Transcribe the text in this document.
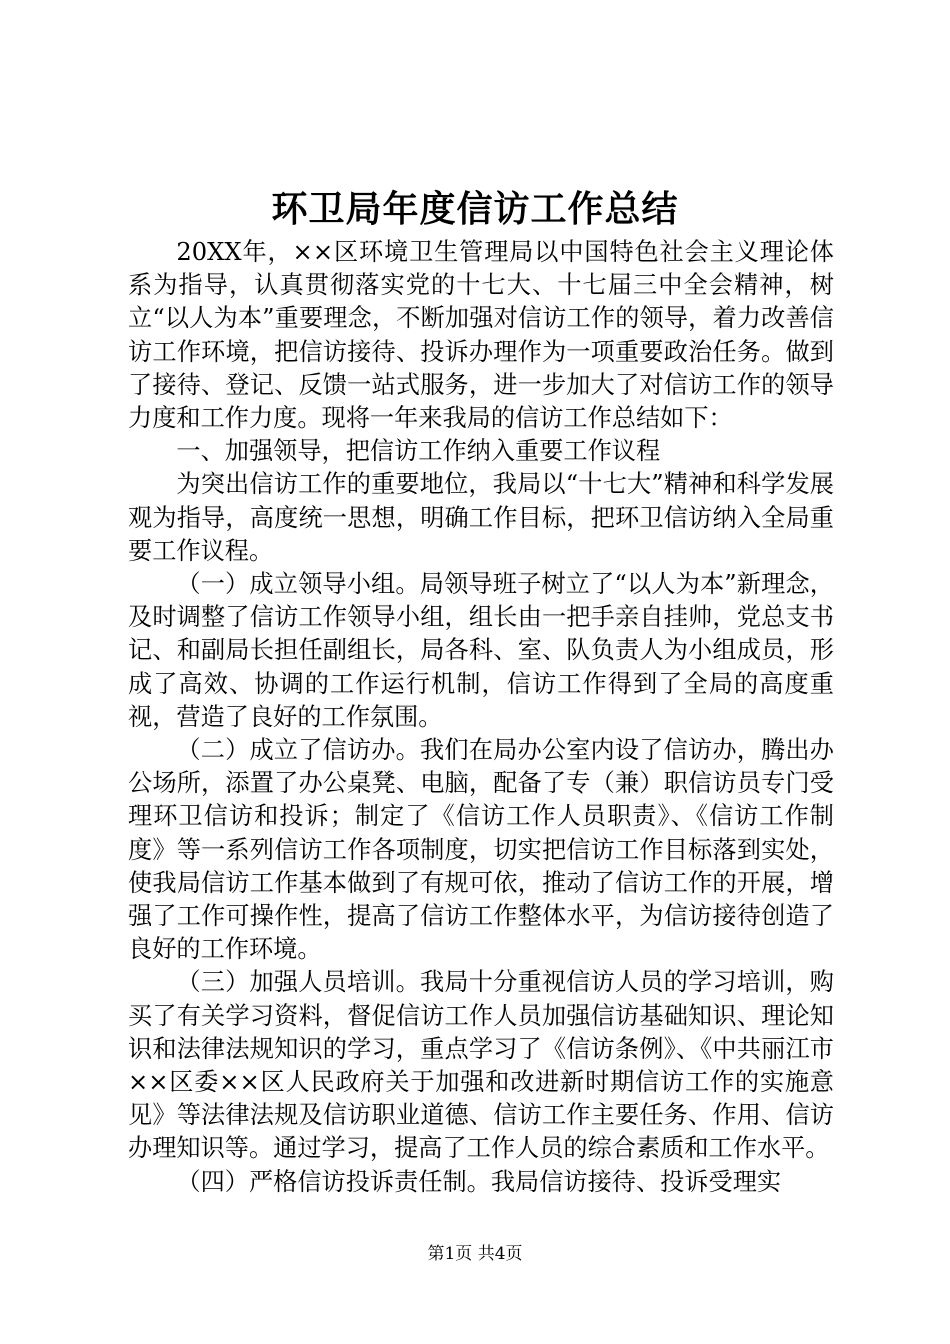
环卫局年度信访工作总结

20XX年，××区环境卫生管理局以中国特色社会主义理论体系为指导，认真贯彻落实党的十七大、十七届三中全会精神，树立“以人为本”重要理念，不断加强对信访工作的领导，着力改善信访工作环境，把信访接待、投诉办理作为一项重要政治任务。做到了接待、登记、反馈一站式服务，进一步加大了对信访工作的领导力度和工作力度。现将一年来我局的信访工作总结如下：

一、加强领导，把信访工作纳入重要工作议程

为突出信访工作的重要地位，我局以“十七大”精神和科学发展观为指导，高度统一思想，明确工作目标，把环卫信访纳入全局重要工作议程。

（一）成立领导小组。局领导班子树立了“以人为本”新理念，及时调整了信访工作领导小组，组长由一把手亲自挂帅，党总支书记、和副局长担任副组长，局各科、室、队负责人为小组成员，形成了高效、协调的工作运行机制，信访工作得到了全局的高度重视，营造了良好的工作氛围。

（二）成立了信访办。我们在局办公室内设了信访办，腾出办公场所，添置了办公桌凳、电脑，配备了专（兼）职信访员专门受理环卫信访和投诉；制定了《信访工作人员职责》、《信访工作制度》等一系列信访工作各项制度，切实把信访工作目标落到实处，使我局信访工作基本做到了有规可依，推动了信访工作的开展，增强了工作可操作性，提高了信访工作整体水平，为信访接待创造了良好的工作环境。

（三）加强人员培训。我局十分重视信访人员的学习培训，购买了有关学习资料，督促信访工作人员加强信访基础知识、理论知识和法律法规知识的学习，重点学习了《信访条例》、《中共丽江市××区委××区人民政府关于加强和改进新时期信访工作的实施意见》等法律法规及信访职业道德、信访工作主要任务、作用、信访办理知识等。通过学习，提高了工作人员的综合素质和工作水平。

（四）严格信访投诉责任制。我局信访接待、投诉受理实

第1页 共4页
